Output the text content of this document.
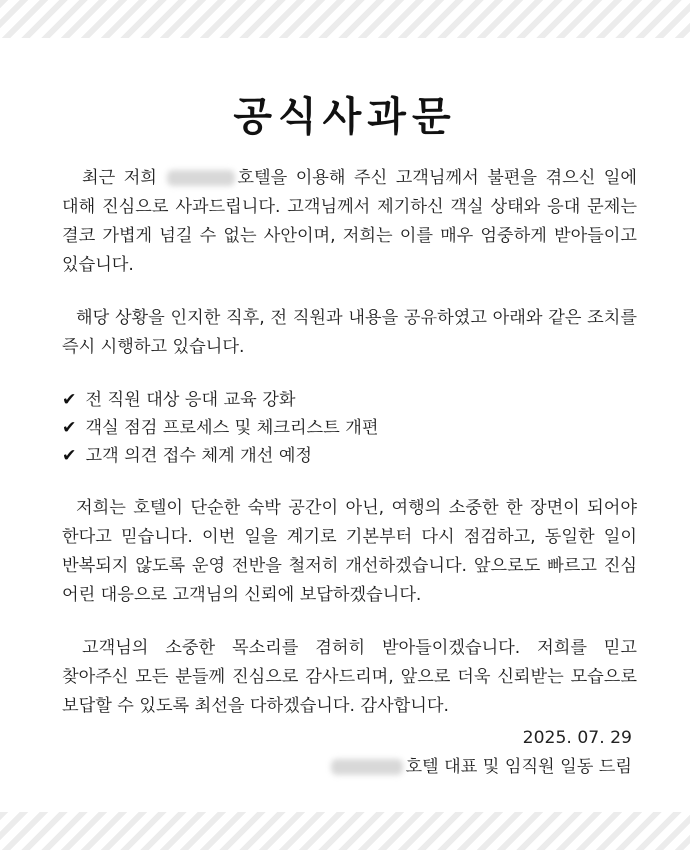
공식사과문

최근 저희	호텔을 이용해 주신 고객님께서 불편을 겪으신 일에 대해 진심으로 사과드립니다. 고객님께서 제기하신 객실 상태와 응대 문제는 결코 가볍게 넘길 수 없는 사안이며, 저희는 이를 매우 엄중하게 받아들이고 있습니다.

해당 상황을 인지한 직후, 전 직원과 내용을 공유하였고 아래와 같은 조치를 즉시 시행하고 있습니다.

✔ 전 직원 대상 응대 교육 강화
✔ 객실 점검 프로세스 및 체크리스트 개편
✔ 고객 의견 접수 체계 개선 예정

저희는 호텔이 단순한 숙박 공간이 아닌, 여행의 소중한 한 장면이 되어야 한다고 믿습니다. 이번 일을 계기로 기본부터 다시 점검하고, 동일한 일이 반복되지 않도록 운영 전반을 철저히 개선하겠습니다. 앞으로도 빠르고 진심 어린 대응으로 고객님의 신뢰에 보답하겠습니다.

고객님의 소중한 목소리를 겸허히 받아들이겠습니다. 저희를 믿고 찾아주신 모든 분들께 진심으로 감사드리며, 앞으로 더욱 신뢰받는 모습으로 보답할 수 있도록 최선을 다하겠습니다. 감사합니다.

2025. 07. 29
호텔 대표 및 임직원 일동 드림
